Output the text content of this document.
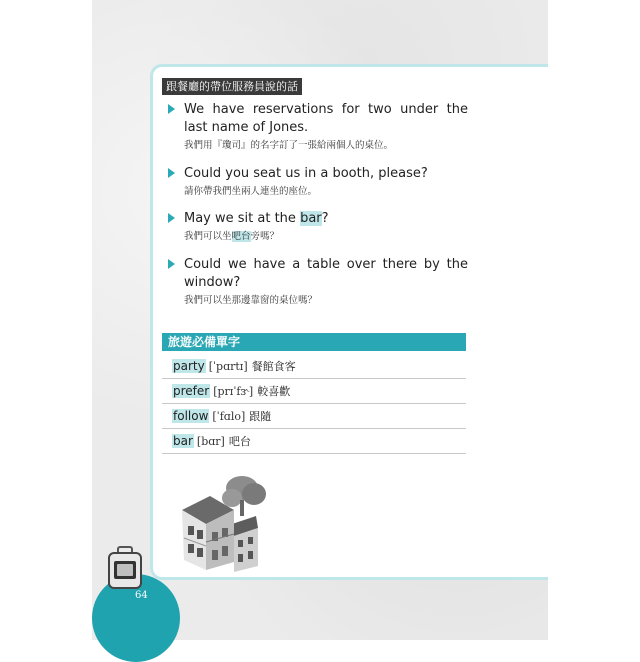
跟餐廳的帶位服務員說的話
We have reservations for two under the last name of Jones.
我們用『瓊司』的名字訂了一張給兩個人的桌位。
Could you seat us in a booth, please?
請你帶我們坐兩人連坐的座位。
May we sit at the bar?
我們可以坐吧台旁嗎？
Could we have a table over there by the window?
我們可以坐那邊靠窗的桌位嗎？
旅遊必備單字
party [ˈpɑrtɪ] 餐館食客
prefer [prɪˈfɝ] 較喜歡
follow [ˈfɑlo] 跟隨
bar [bɑr] 吧台
64
